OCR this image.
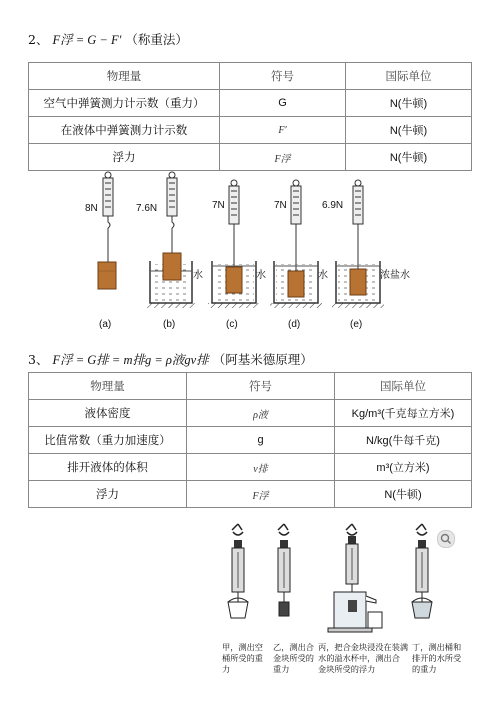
2、 F浮 = G − F′ （称重法）
物理量	符号	国际单位
空气中弹簧测力计示数（重力）	G	N(牛顿)
在液体中弹簧测力计示数	F′	N(牛顿)
浮力	F浮	N(牛顿)
8N	7.6N	7N	7N	6.9N
水	水	水	浓盐水
(a)	(b)	(c)	(d)	(e)
3、 F浮 = G排 = m排g = ρ液gv排 （阿基米德原理）
物理量	符号	国际单位
液体密度	ρ液	Kg/m³(千克每立方米)
比值常数（重力加速度）	g	N/kg(牛每千克)
排开液体的体积	v排	m³(立方米)
浮力	F浮	N(牛顿)
甲，测出空
桶所受的重
力
乙，测出合
金块所受的
重力
丙，把合金块浸没在装满
水的溢水杯中，测出合
金块所受的浮力
丁，测出桶和
排开的水所受
的重力
